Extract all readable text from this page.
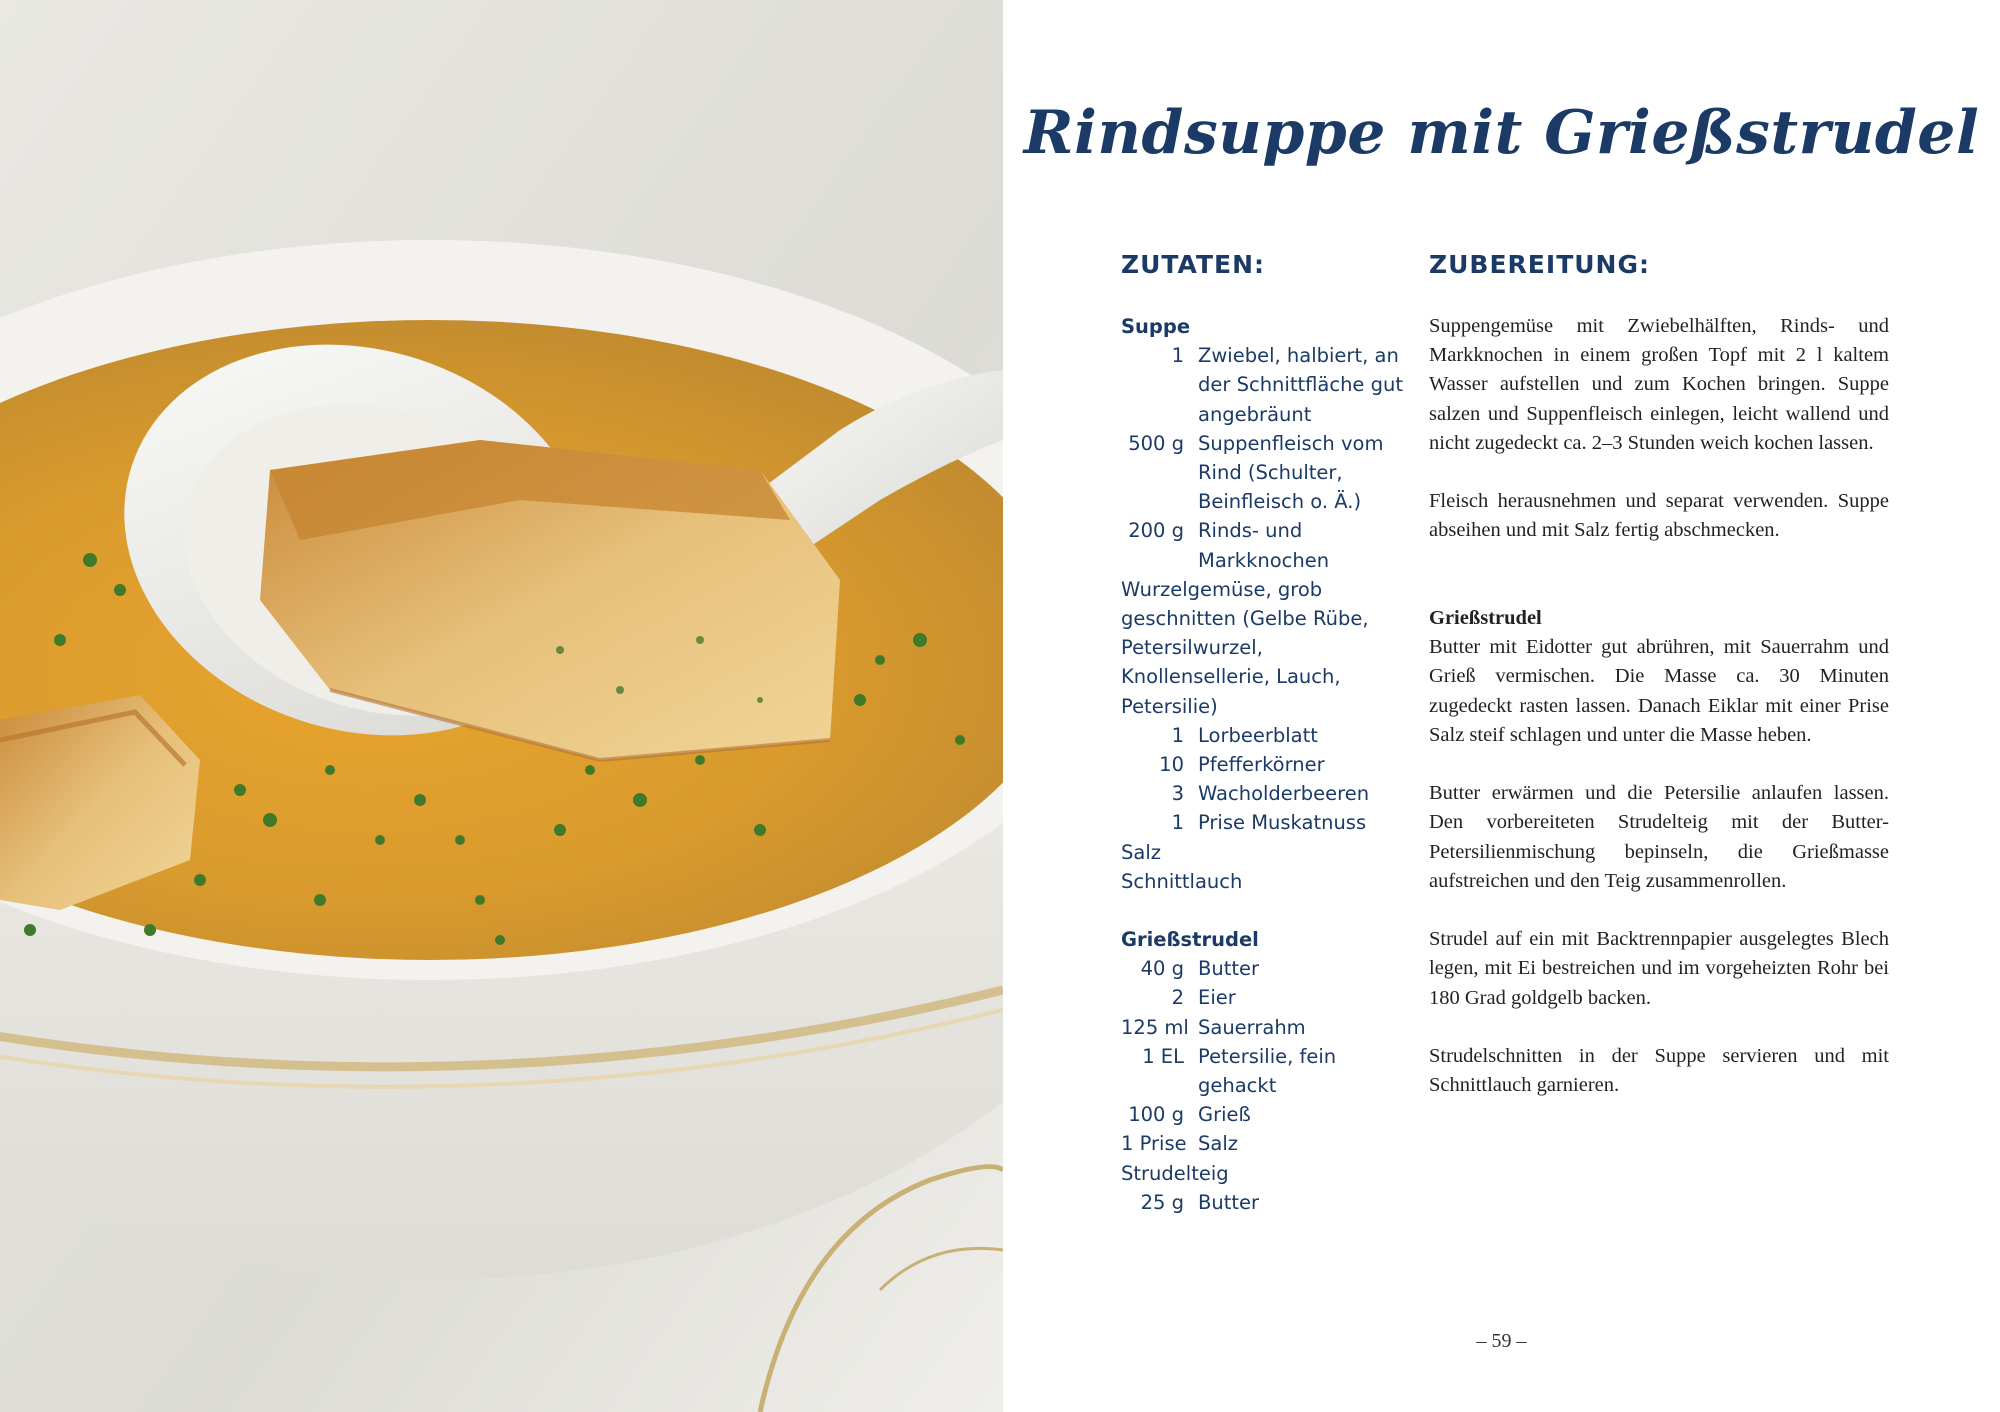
Rindsuppe mit Grießstrudel
ZUTATEN:	ZUBEREITUNG:
Suppe
1 Zwiebel, halbiert, an der Schnittfläche gut angebräunt
500 g Suppenfleisch vom Rind (Schulter, Beinfleisch o. Ä.)
200 g Rinds- und Markknochen
Wurzelgemüse, grob geschnitten (Gelbe Rübe, Petersilwurzel, Knollensellerie, Lauch, Petersilie)
1 Lorbeerblatt
10 Pfefferkörner
3 Wacholderbeeren
1 Prise Muskatnuss
Salz
Schnittlauch
Grießstrudel
40 g Butter
2 Eier
125 ml Sauerrahm
1 EL Petersilie, fein gehackt
100 g Grieß
1 Prise Salz
Strudelteig
25 g Butter

Suppengemüse mit Zwiebelhälften, Rinds- und Markknochen in einem großen Topf mit 2 l kaltem Wasser aufstellen und zum Kochen bringen. Suppe salzen und Suppenfleisch einlegen, leicht wallend und nicht zugedeckt ca. 2–3 Stunden weich kochen lassen.

Fleisch herausnehmen und separat verwenden. Suppe abseihen und mit Salz fertig abschmecken.

Grießstrudel

Butter mit Eidotter gut abrühren, mit Sauerrahm und Grieß vermischen. Die Masse ca. 30 Minuten zugedeckt rasten lassen. Danach Eiklar mit einer Prise Salz steif schlagen und unter die Masse heben.

Butter erwärmen und die Petersilie anlaufen lassen. Den vorbereiteten Strudelteig mit der Butter-Petersilienmischung bepinseln, die Grießmasse aufstreichen und den Teig zusammenrollen.

Strudel auf ein mit Backtrennpapier ausgelegtes Blech legen, mit Ei bestreichen und im vorgeheizten Rohr bei 180 Grad goldgelb backen.

Strudelschnitten in der Suppe servieren und mit Schnittlauch garnieren.

– 59 –
